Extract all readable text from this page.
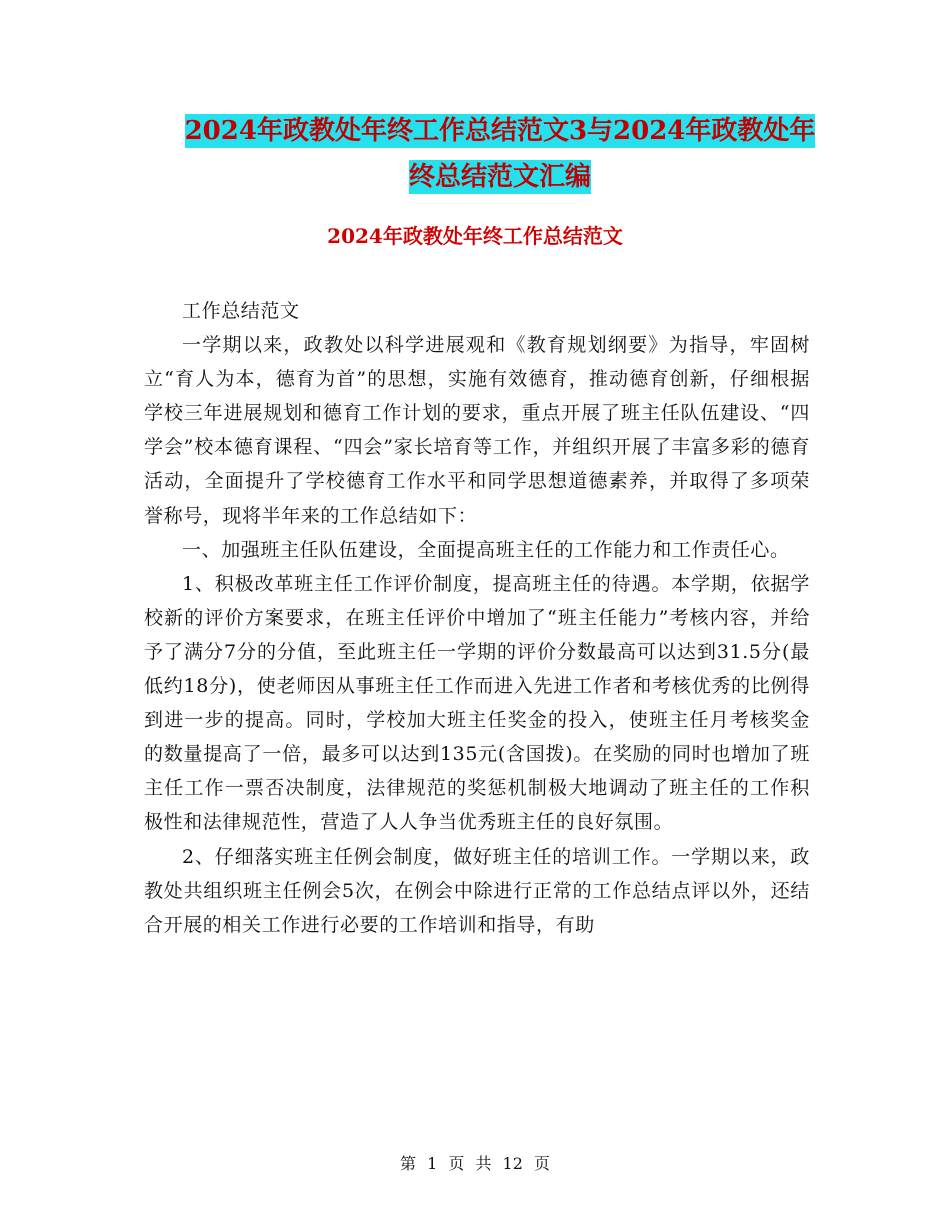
2024年政教处年终工作总结范文3与2024年政教处年
终总结范文汇编
2024年政教处年终工作总结范文

工作总结范文

一学期以来，政教处以科学进展观和《教育规划纲要》为指导，牢固树立“育人为本，德育为首”的思想，实施有效德育，推动德育创新，仔细根据学校三年进展规划和德育工作计划的要求，重点开展了班主任队伍建设、“四学会”校本德育课程、“四会”家长培育等工作，并组织开展了丰富多彩的德育活动，全面提升了学校德育工作水平和同学思想道德素养，并取得了多项荣誉称号，现将半年来的工作总结如下：

一、加强班主任队伍建设，全面提高班主任的工作能力和工作责任心。

1、积极改革班主任工作评价制度，提高班主任的待遇。本学期，依据学校新的评价方案要求，在班主任评价中增加了“班主任能力”考核内容，并给予了满分7分的分值，至此班主任一学期的评价分数最高可以达到31.5分(最低约18分)，使老师因从事班主任工作而进入先进工作者和考核优秀的比例得到进一步的提高。同时，学校加大班主任奖金的投入，使班主任月考核奖金的数量提高了一倍，最多可以达到135元(含国拨)。在奖励的同时也增加了班主任工作一票否决制度，法律规范的奖惩机制极大地调动了班主任的工作积极性和法律规范性，营造了人人争当优秀班主任的良好氛围。

2、仔细落实班主任例会制度，做好班主任的培训工作。一学期以来，政教处共组织班主任例会5次，在例会中除进行正常的工作总结点评以外，还结合开展的相关工作进行必要的工作培训和指导，有助

第 1 页 共 12 页
